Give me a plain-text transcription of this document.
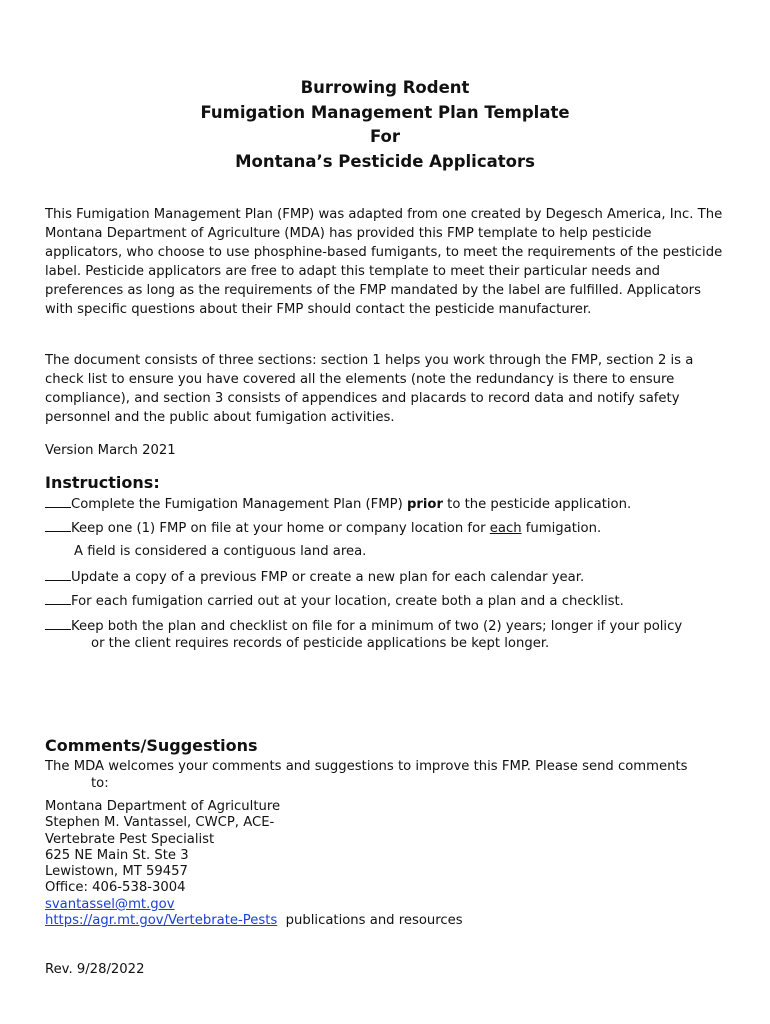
Burrowing Rodent
Fumigation Management Plan Template
For
Montana’s Pesticide Applicators
This Fumigation Management Plan (FMP) was adapted from one created by Degesch America, Inc. The Montana Department of Agriculture (MDA) has provided this FMP template to help pesticide applicators, who choose to use phosphine-based fumigants, to meet the requirements of the pesticide label. Pesticide applicators are free to adapt this template to meet their particular needs and preferences as long as the requirements of the FMP mandated by the label are fulfilled. Applicators with specific questions about their FMP should contact the pesticide manufacturer.
The document consists of three sections: section 1 helps you work through the FMP, section 2 is a check list to ensure you have covered all the elements (note the redundancy is there to ensure compliance), and section 3 consists of appendices and placards to record data and notify safety personnel and the public about fumigation activities.
Version March 2021
Instructions:
Complete the Fumigation Management Plan (FMP) prior to the pesticide application.
Keep one (1) FMP on file at your home or company location for each fumigation.
A field is considered a contiguous land area.
Update a copy of a previous FMP or create a new plan for each calendar year.
For each fumigation carried out at your location, create both a plan and a checklist.
Keep both the plan and checklist on file for a minimum of two (2) years; longer if your policy
or the client requires records of pesticide applications be kept longer.
Comments/Suggestions
The MDA welcomes your comments and suggestions to improve this FMP. Please send comments
to:
Montana Department of Agriculture
Stephen M. Vantassel, CWCP, ACE-
Vertebrate Pest Specialist
625 NE Main St. Ste 3
Lewistown, MT 59457
Office: 406-538-3004
svantassel@mt.gov
https://agr.mt.gov/Vertebrate-Pests  publications and resources
Rev. 9/28/2022
